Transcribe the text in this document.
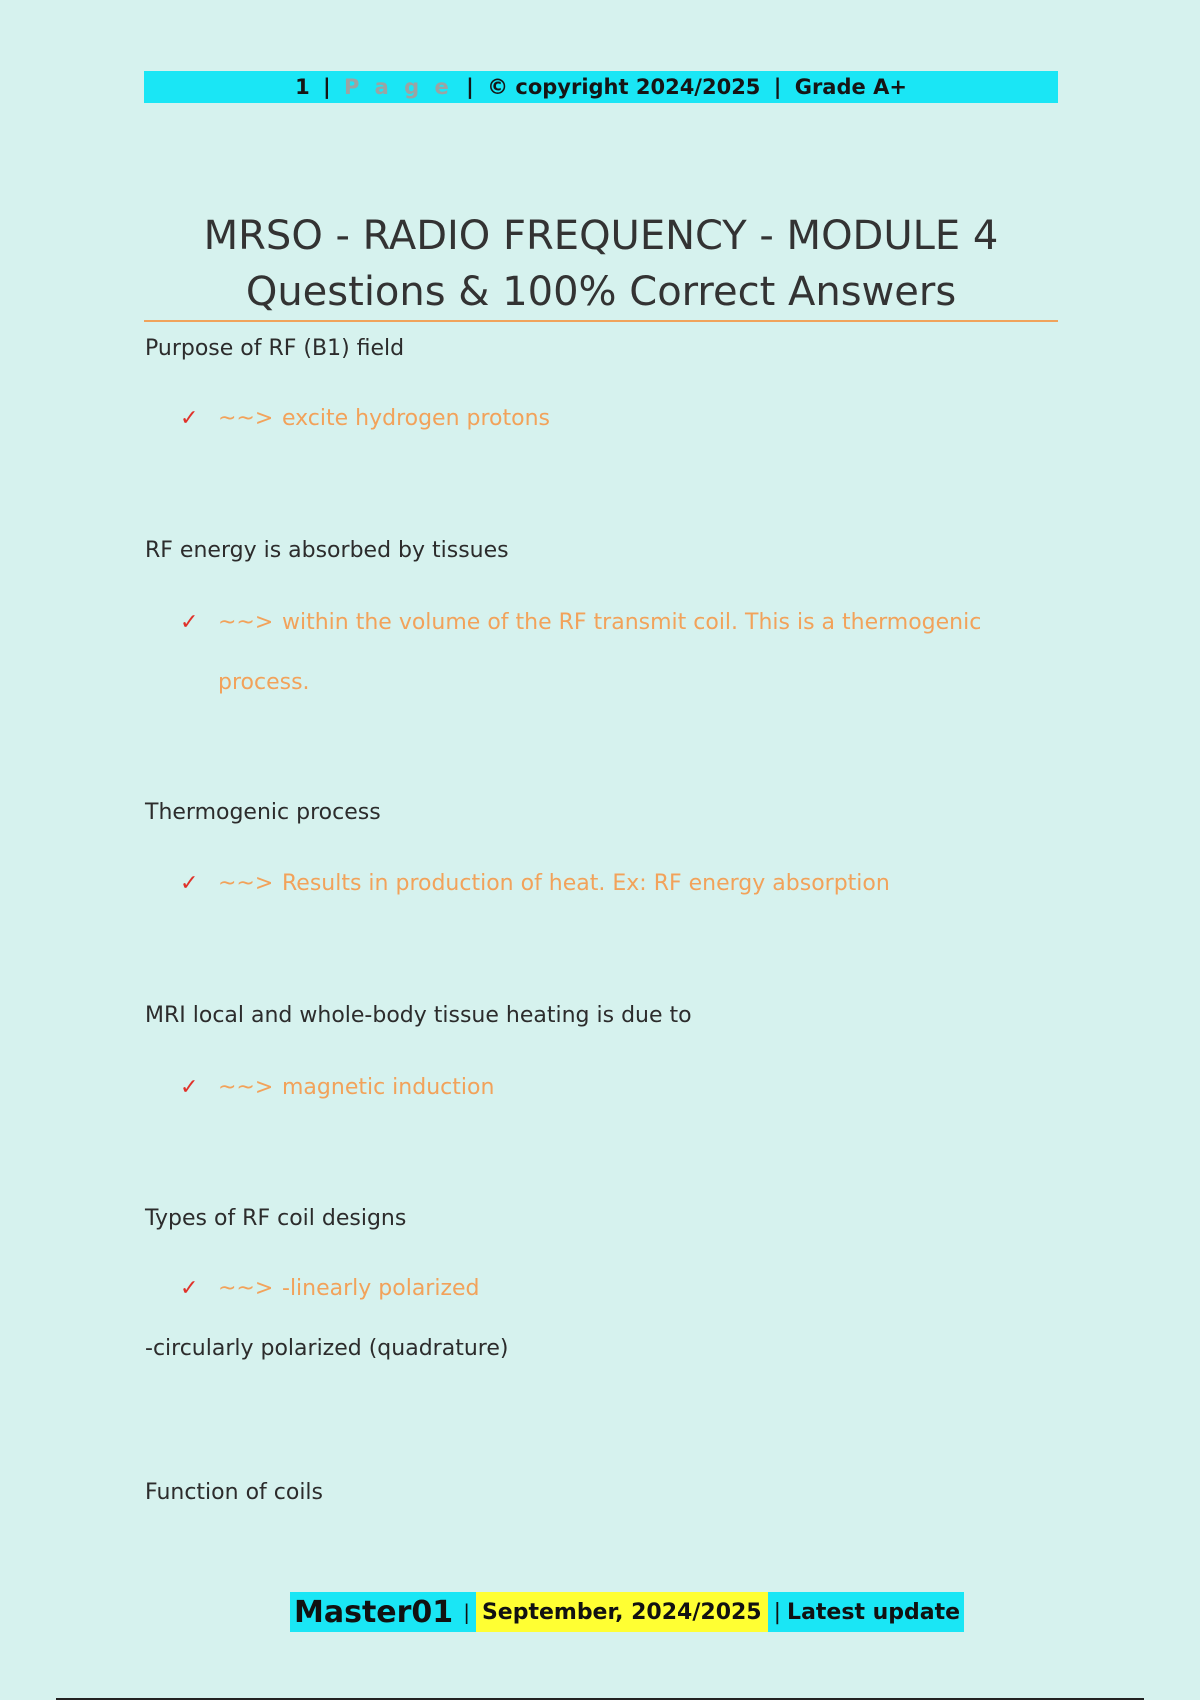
1 | P a g e | © copyright 2024/2025 | Grade A+
MRSO - RADIO FREQUENCY - MODULE 4
Questions & 100% Correct Answers
Purpose of RF (B1) field
✓ ~~> excite hydrogen protons
RF energy is absorbed by tissues
✓ ~~> within the volume of the RF transmit coil. This is a thermogenic
process.
Thermogenic process
✓ ~~> Results in production of heat. Ex: RF energy absorption
MRI local and whole-body tissue heating is due to
✓ ~~> magnetic induction
Types of RF coil designs
✓ ~~> -linearly polarized
-circularly polarized (quadrature)
Function of coils
Master01 | September, 2024/2025 | Latest update
